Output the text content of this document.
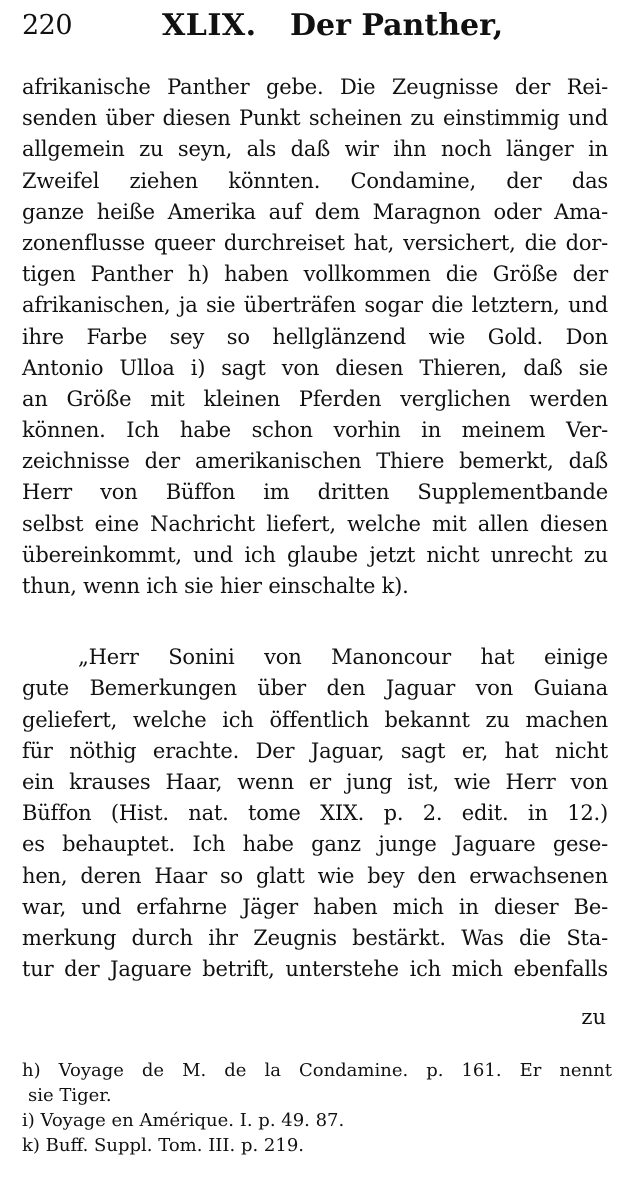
220	XLIX. Der Panther,
afrikanische Panther gebe. Die Zeugnisse der Rei-
senden über diesen Punkt scheinen zu einstimmig und
allgemein zu seyn, als daß wir ihn noch länger in
Zweifel ziehen könnten. Condamine, der das
ganze heiße Amerika auf dem Maragnon oder Ama-
zonenflusse queer durchreiset hat, versichert, die dor-
tigen Panther h) haben vollkommen die Größe der
afrikanischen, ja sie überträfen sogar die letztern, und
ihre Farbe sey so hellglänzend wie Gold. Don
Antonio Ulloa i) sagt von diesen Thieren, daß sie
an Größe mit kleinen Pferden verglichen werden
können. Ich habe schon vorhin in meinem Ver-
zeichnisse der amerikanischen Thiere bemerkt, daß
Herr von Büffon im dritten Supplementbande
selbst eine Nachricht liefert, welche mit allen diesen
übereinkommt, und ich glaube jetzt nicht unrecht zu
thun, wenn ich sie hier einschalte k).
„Herr Sonini von Manoncour hat einige
gute Bemerkungen über den Jaguar von Guiana
geliefert, welche ich öffentlich bekannt zu machen
für nöthig erachte. Der Jaguar, sagt er, hat nicht
ein krauses Haar, wenn er jung ist, wie Herr von
Büffon (Hist. nat. tome XIX. p. 2. edit. in 12.)
es behauptet. Ich habe ganz junge Jaguare gese-
hen, deren Haar so glatt wie bey den erwachsenen
war, und erfahrne Jäger haben mich in dieser Be-
merkung durch ihr Zeugnis bestärkt. Was die Sta-
tur der Jaguare betrift, unterstehe ich mich ebenfalls
zu
h) Voyage de M. de la Condamine. p. 161. Er nennt
sie Tiger.
i) Voyage en Amérique. I. p. 49. 87.
k) Buff. Suppl. Tom. III. p. 219.
